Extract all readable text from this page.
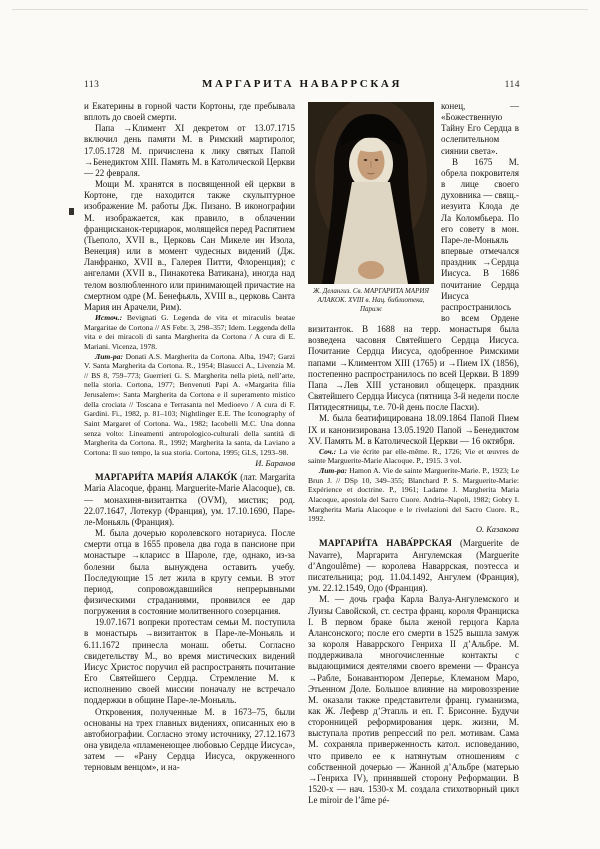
113	МАРГАРИТА НАВАРРСКАЯ	114

и Екатерины в горной части Кортоны, где пребывала вплоть до своей смерти.

Папа →Климент XI декретом от 13.07.1715 включил день памяти М. в Римский мартиролог, 17.05.1728 М. причислена к лику святых Папой →Бенедиктом XIII. Память М. в Католической Церкви — 22 февраля.

Мощи М. хранятся в посвященной ей церкви в Кортоне, где находится также скульптурное изображение М. работы Дж. Пизано. В иконографии М. изображается, как правило, в облачении францисканок-терциарок, молящейся перед Распятием (Тьеполо, XVII в., Церковь Сан Микеле ин Изола, Венеция) или в момент чудесных видений (Дж. Ланфранко, XVII в., Галерея Питти, Флоренция); с ангелами (XVII в., Пинакотека Ватикана), иногда над телом возлюбленного или принимающей причастие на смертном одре (М. Бенефьяль, XVIII в., церковь Санта Мария ин Арачели, Рим).

Источ.: Bevignati G. Legenda de vita et miraculis beatae Margaritae de Cortona // AS Febr. 3, 298–357; Idem. Leggenda della vita e dei miracoli di santa Margherita da Cortona / A cura di E. Mariani. Vicenza, 1978.

Лит-ра: Donati A.S. Margherita da Cortona. Alba, 1947; Garzi V. Santa Margherita da Cortona. R., 1954; Blasucci A., Livenzia M. // BS 8, 759–773; Guerrieri G. S. Margherita nella pietà, nell’arte, nella storia. Cortona, 1977; Benvenuti Papi A. «Margarita filia Jerusalem»: Santa Margherita da Cortona e il superamento mistico della crociata // Toscana e Terrasanta nel Medioevo / A cura di F. Gardini. Fi., 1982, p. 81–103; Nightlinger E.E. The Iconography of Saint Margaret of Cortona. Wa., 1982; Iacobelli M.C. Una donna senza volto: Lineamenti antropologico-culturali della santità di Margherita da Cortona. R., 1992; Margherita la santa, da Laviano a Cortona: Il suo tempo, la sua storia. Cortona, 1995; GLS, 1293–98.

И. Баранов

МАРГАРИ́ТА МАРИ́Я АЛАКО́К (лат. Margarita Maria Alacoque, франц. Marguerite-Marie Alacoque), св. — монахиня-визитантка (OVM), мистик; род. 22.07.1647, Лотекур (Франция), ум. 17.10.1690, Паре-ле-Моньяль (Франция).

М. была дочерью королевского нотариуса. После смерти отца в 1655 провела два года в пансионе при монастыре →кларисс в Шароле, где, однако, из-за болезни была вынуждена оставить учебу. Последующие 15 лет жила в кругу семьи. В этот период, сопровождавшийся непрерывными физическими страданиями, проявился ее дар погружения в состояние молитвенного созерцания.

19.07.1671 вопреки протестам семьи М. поступила в монастырь →визитанток в Паре-ле-Моньяль и 6.11.1672 принесла монаш. обеты. Согласно свидетельству М., во время мистических видений Иисус Христос поручил ей распространять почитание Его Святейшего Сердца. Стремление М. к исполнению своей миссии поначалу не встречало поддержки в общине Паре-ле-Моньяль.

Откровения, полученные М. в 1673–75, были основаны на трех главных видениях, описанных ею в автобиографии. Согласно этому источнику, 27.12.1673 она увидела «пламенеющее любовью Сердце Иисуса», затем — «Рану Сердца Иисуса, окруженного терновым венцом», и на-

Ж. Делангиз. Св. МАРГАРИТА МАРИЯ АЛАКОК. XVIII в. Нац. библиотека, Париж

конец, — «Божественную Тайну Его Сердца в ослепительном сиянии света».

В 1675 М. обрела покровителя в лице своего духовника — свящ.-иезуита Клода де Ла Коломбьера. По его совету в мон. Паре-ле-Моньяль впервые отмечался праздник →Сердца Иисуса. В 1686 почитание Сердца Иисуса распространилось во всем Ордене визитанток. В 1688 на терр. монастыря была возведена часовня Святейшего Сердца Иисуса. Почитание Сердца Иисуса, одобренное Римскими папами →Климентом XIII (1765) и →Пием IX (1856), постепенно распространилось по всей Церкви. В 1899 Папа →Лев XIII установил общецерк. праздник Святейшего Сердца Иисуса (пятница 3-й недели после Пятидесятницы, т.е. 70-й день после Пасхи).

М. была беатифицирована 18.09.1864 Папой Пием IX и канонизирована 13.05.1920 Папой →Бенедиктом XV. Память М. в Католической Церкви — 16 октября.

Соч.: La vie écrite par elle-même. R., 1726; Vie et œuvres de sainte Marguerite-Marie Alacoque. P., 1915. 3 vol.

Лит-ра: Hamon A. Vie de sainte Marguerite-Marie. P., 1923; Le Brun J. // DSp 10, 349–355; Blanchard P. S. Marguerite-Marie: Expérience et doctrine. P., 1961; Ladame J. Margherita Maria Alacoque, apostola del Sacro Cuore. Andria–Napoli, 1982; Gobry I. Margherita Maria Alacoque e le rivelazioni del Sacro Cuore. R., 1992.

О. Казакова

МАРГАРИ́ТА НАВА́РРСКАЯ (Marguerite de Navarre), Маргарита Ангулемская (Marguerite d’Angoulême) — королева Наваррская, поэтесса и писательница; род. 11.04.1492, Ангулем (Франция), ум. 22.12.1549, Одо (Франция).

М. — дочь графа Карла Валуа-Ангулемского и Луизы Савойской, ст. сестра франц. короля Франциска I. В первом браке была женой герцога Карла Алансонского; после его смерти в 1525 вышла замуж за короля Наваррского Генриха II д’Альбре. М. поддерживала многочисленные контакты с выдающимися деятелями своего времени — Франсуа →Рабле, Бонавантюром Деперье, Клеманом Маро, Этьенном Доле. Большое влияние на мировоззрение М. оказали также представители франц. гуманизма, как Ж. Лефевр д’Этапль и еп. Г. Брисонне. Будучи сторонницей реформирования церк. жизни, М. выступала против репрессий по рел. мотивам. Сама М. сохраняла приверженность катол. исповеданию, что привело ее к натянутым отношениям с собственной дочерью — Жанной д’Альбре (матерью →Генриха IV), принявшей сторону Реформации. В 1520-х — нач. 1530-х М. создала стихотворный цикл Le miroir de l’âme pé-
